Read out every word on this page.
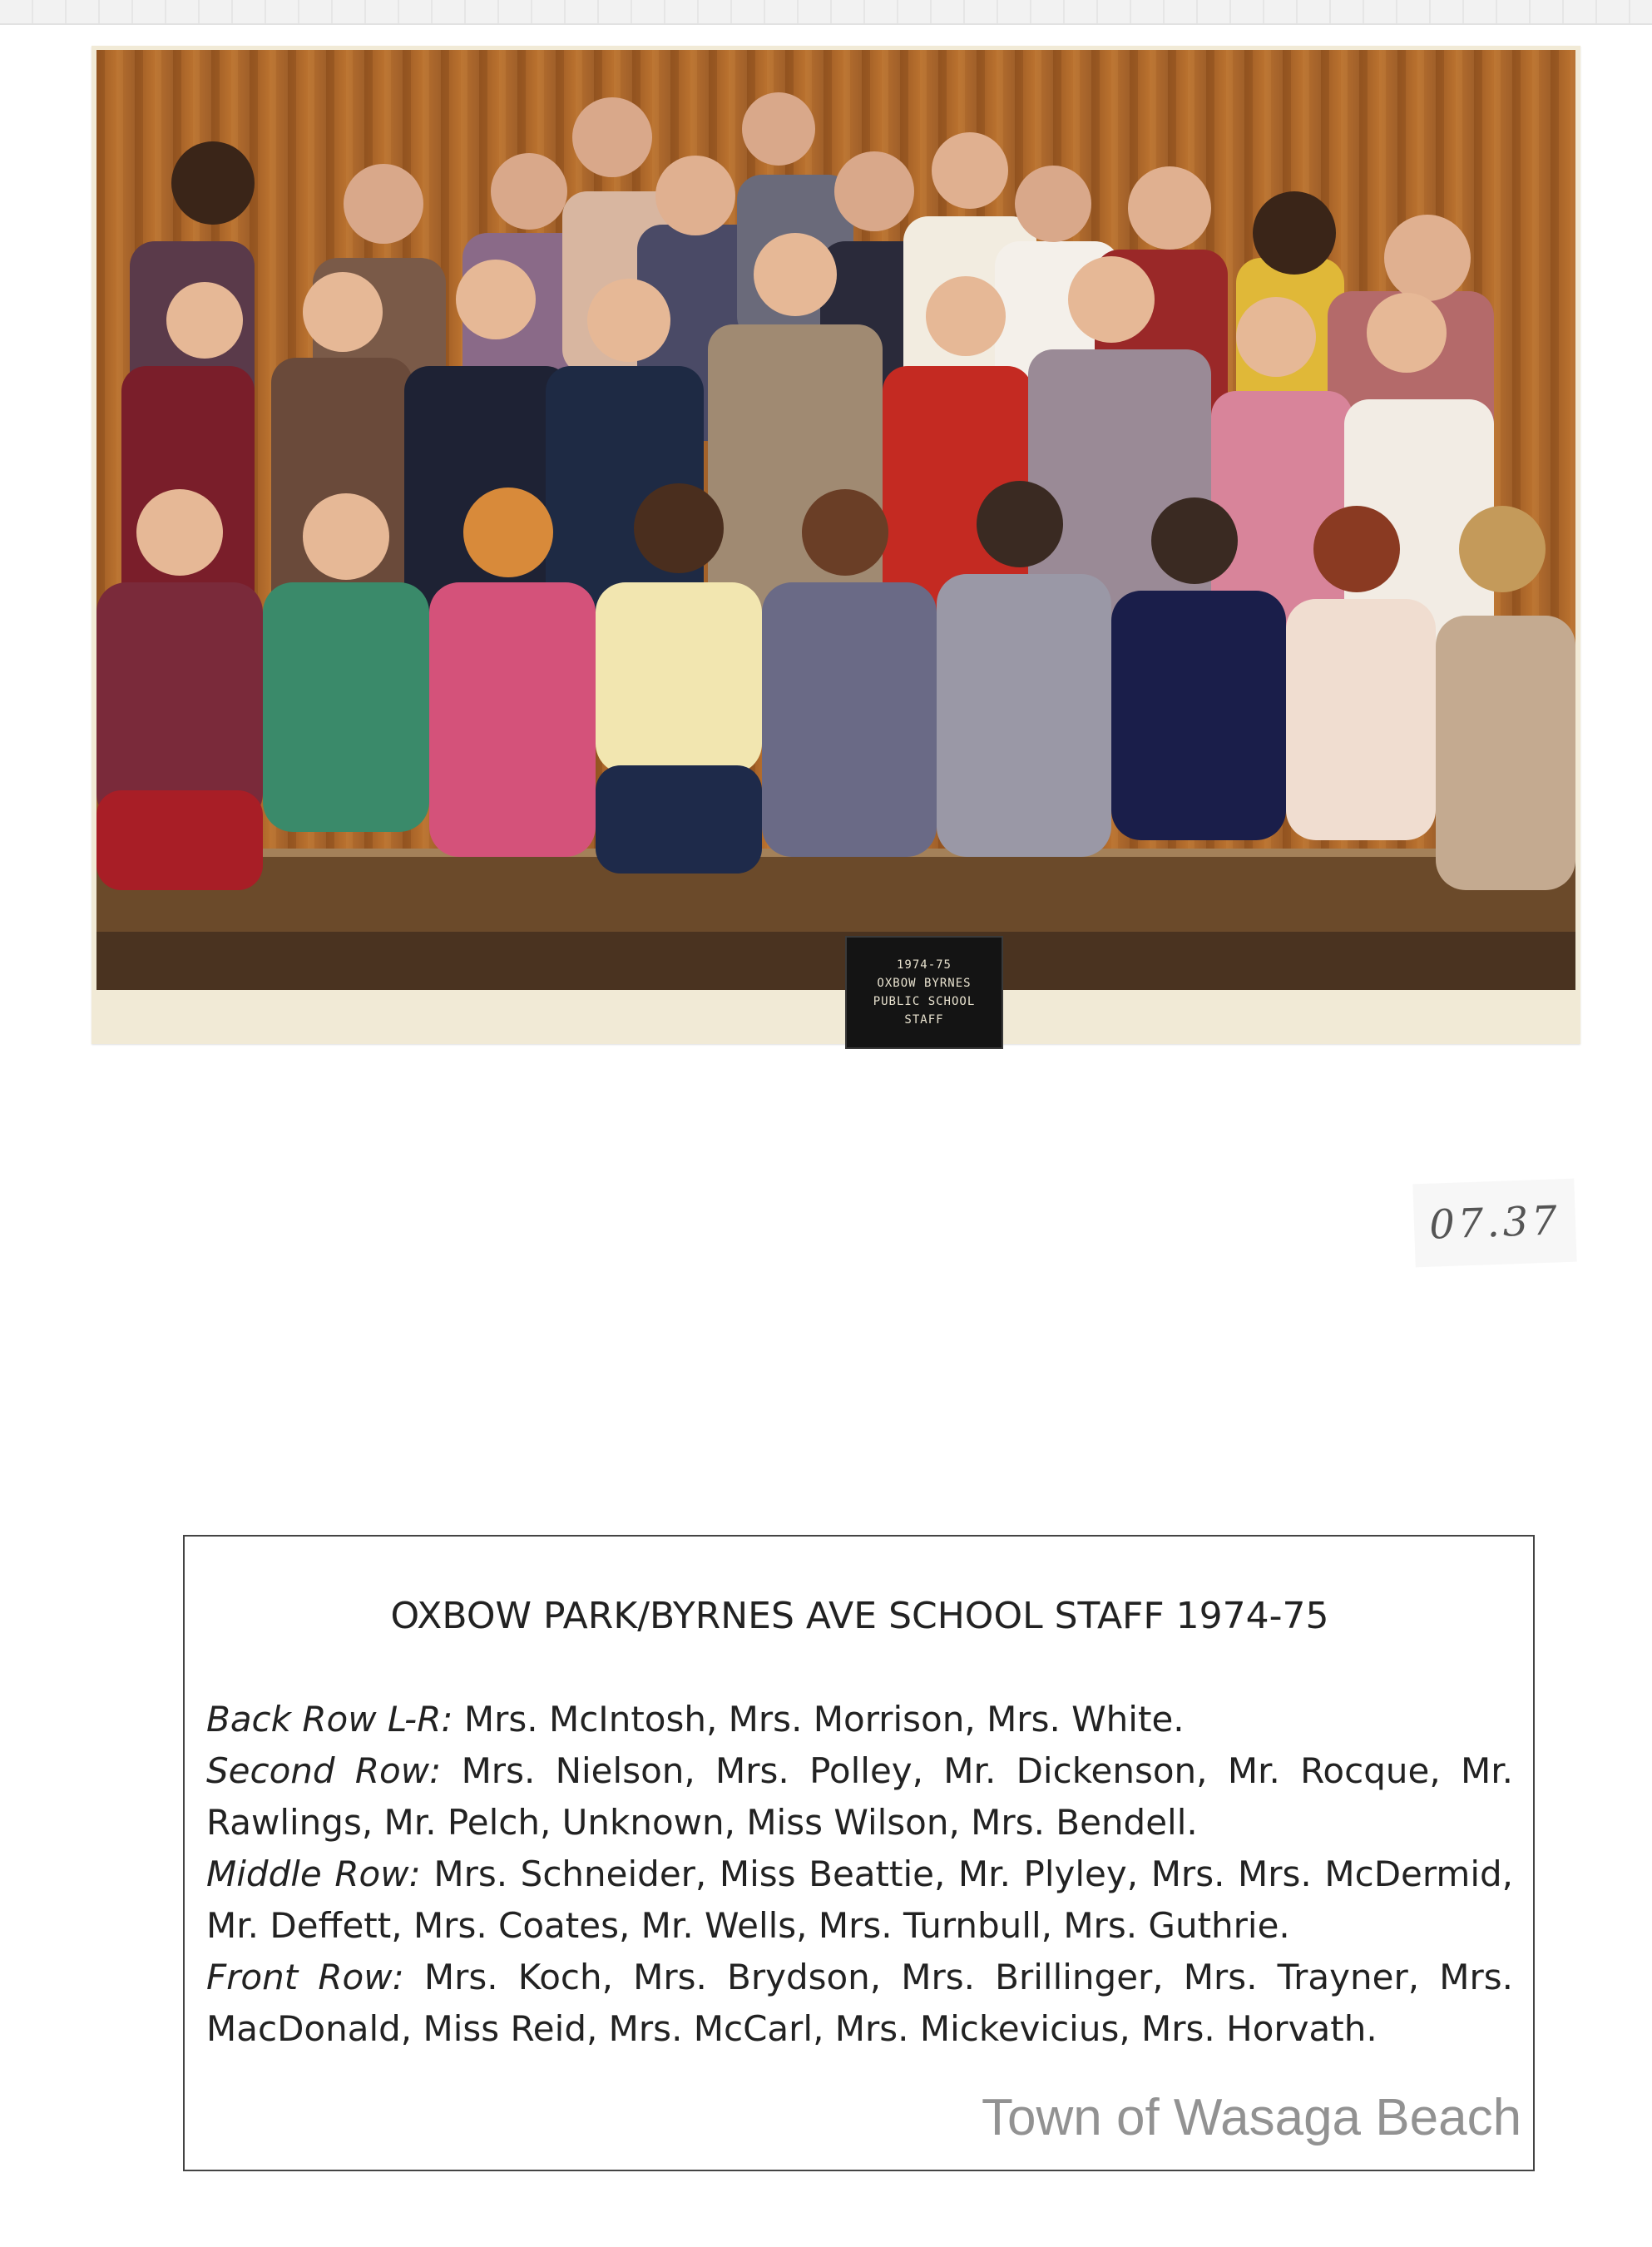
1974-75
OXBOW BYRNES
PUBLIC SCHOOL
STAFF
07.37
OXBOW PARK/BYRNES AVE SCHOOL STAFF 1974-75

Back Row L-R: Mrs. McIntosh, Mrs. Morrison, Mrs. White.

Second Row: Mrs. Nielson, Mrs. Polley, Mr. Dickenson, Mr. Rocque, Mr. Rawlings, Mr. Pelch, Unknown, Miss Wilson, Mrs. Bendell.

Middle Row: Mrs. Schneider, Miss Beattie, Mr. Plyley, Mrs. Mrs. McDermid, Mr. Deffett, Mrs. Coates, Mr. Wells, Mrs. Turnbull, Mrs. Guthrie.

Front Row: Mrs. Koch, Mrs. Brydson, Mrs. Brillinger, Mrs. Trayner, Mrs. MacDonald, Miss Reid, Mrs. McCarl, Mrs. Mickevicius, Mrs. Horvath.

Town of Wasaga Beach
